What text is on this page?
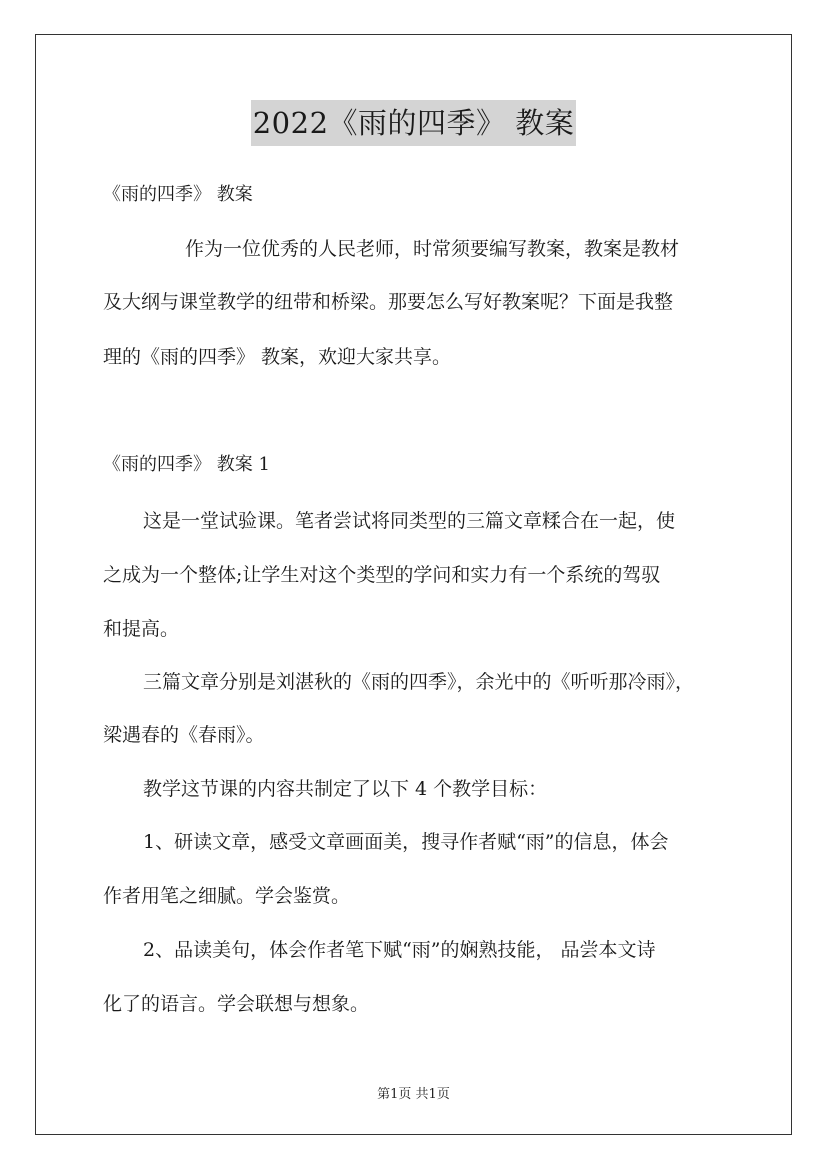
2022《雨的四季》 教案
《雨的四季》 教案
作为一位优秀的人民老师，时常须要编写教案，教案是教材
及大纲与课堂教学的纽带和桥梁。那要怎么写好教案呢？下面是我整
理的《雨的四季》 教案，欢迎大家共享。
《雨的四季》 教案 1
这是一堂试验课。笔者尝试将同类型的三篇文章糅合在一起，使
之成为一个整体;让学生对这个类型的学问和实力有一个系统的驾驭
和提高。
三篇文章分别是刘湛秋的《雨的四季》，余光中的《听听那冷雨》，
梁遇春的《春雨》。
教学这节课的内容共制定了以下 4 个教学目标：
1、研读文章，感受文章画面美，搜寻作者赋“雨”的信息，体会
作者用笔之细腻。学会鉴赏。
2、品读美句，体会作者笔下赋“雨”的娴熟技能， 品尝本文诗
化了的语言。学会联想与想象。
第1页 共1页
